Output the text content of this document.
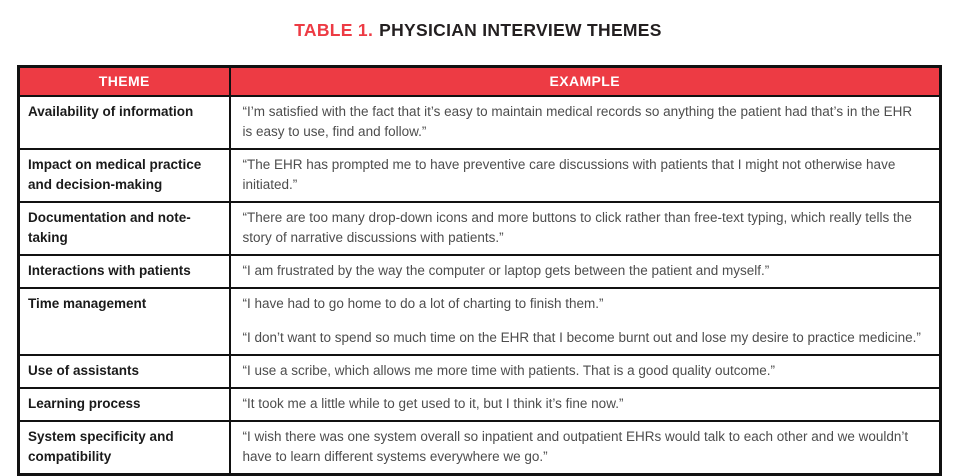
TABLE 1. PHYSICIAN INTERVIEW THEMES
THEME	EXAMPLE
Availability of information	“I’m satisfied with the fact that it’s easy to maintain medical records so anything the patient had that’s in the EHR is easy to use, find and follow.”

Impact on medical practice and decision-making	“The EHR has prompted me to have preventive care discussions with patients that I might not otherwise have initiated.”

Documentation and note-taking	“There are too many drop-down icons and more buttons to click rather than free-text typing, which really tells the story of narrative discussions with patients.”

Interactions with patients	“I am frustrated by the way the computer or laptop gets between the patient and myself.”

Time management	“I have had to go home to do a lot of charting to finish them.”

“I don’t want to spend so much time on the EHR that I become burnt out and lose my desire to practice medicine.”

Use of assistants	“I use a scribe, which allows me more time with patients. That is a good quality outcome.”

Learning process	“It took me a little while to get used to it, but I think it’s fine now.”

System specificity and compatibility	“I wish there was one system overall so inpatient and outpatient EHRs would talk to each other and we wouldn’t have to learn different systems everywhere we go.”
